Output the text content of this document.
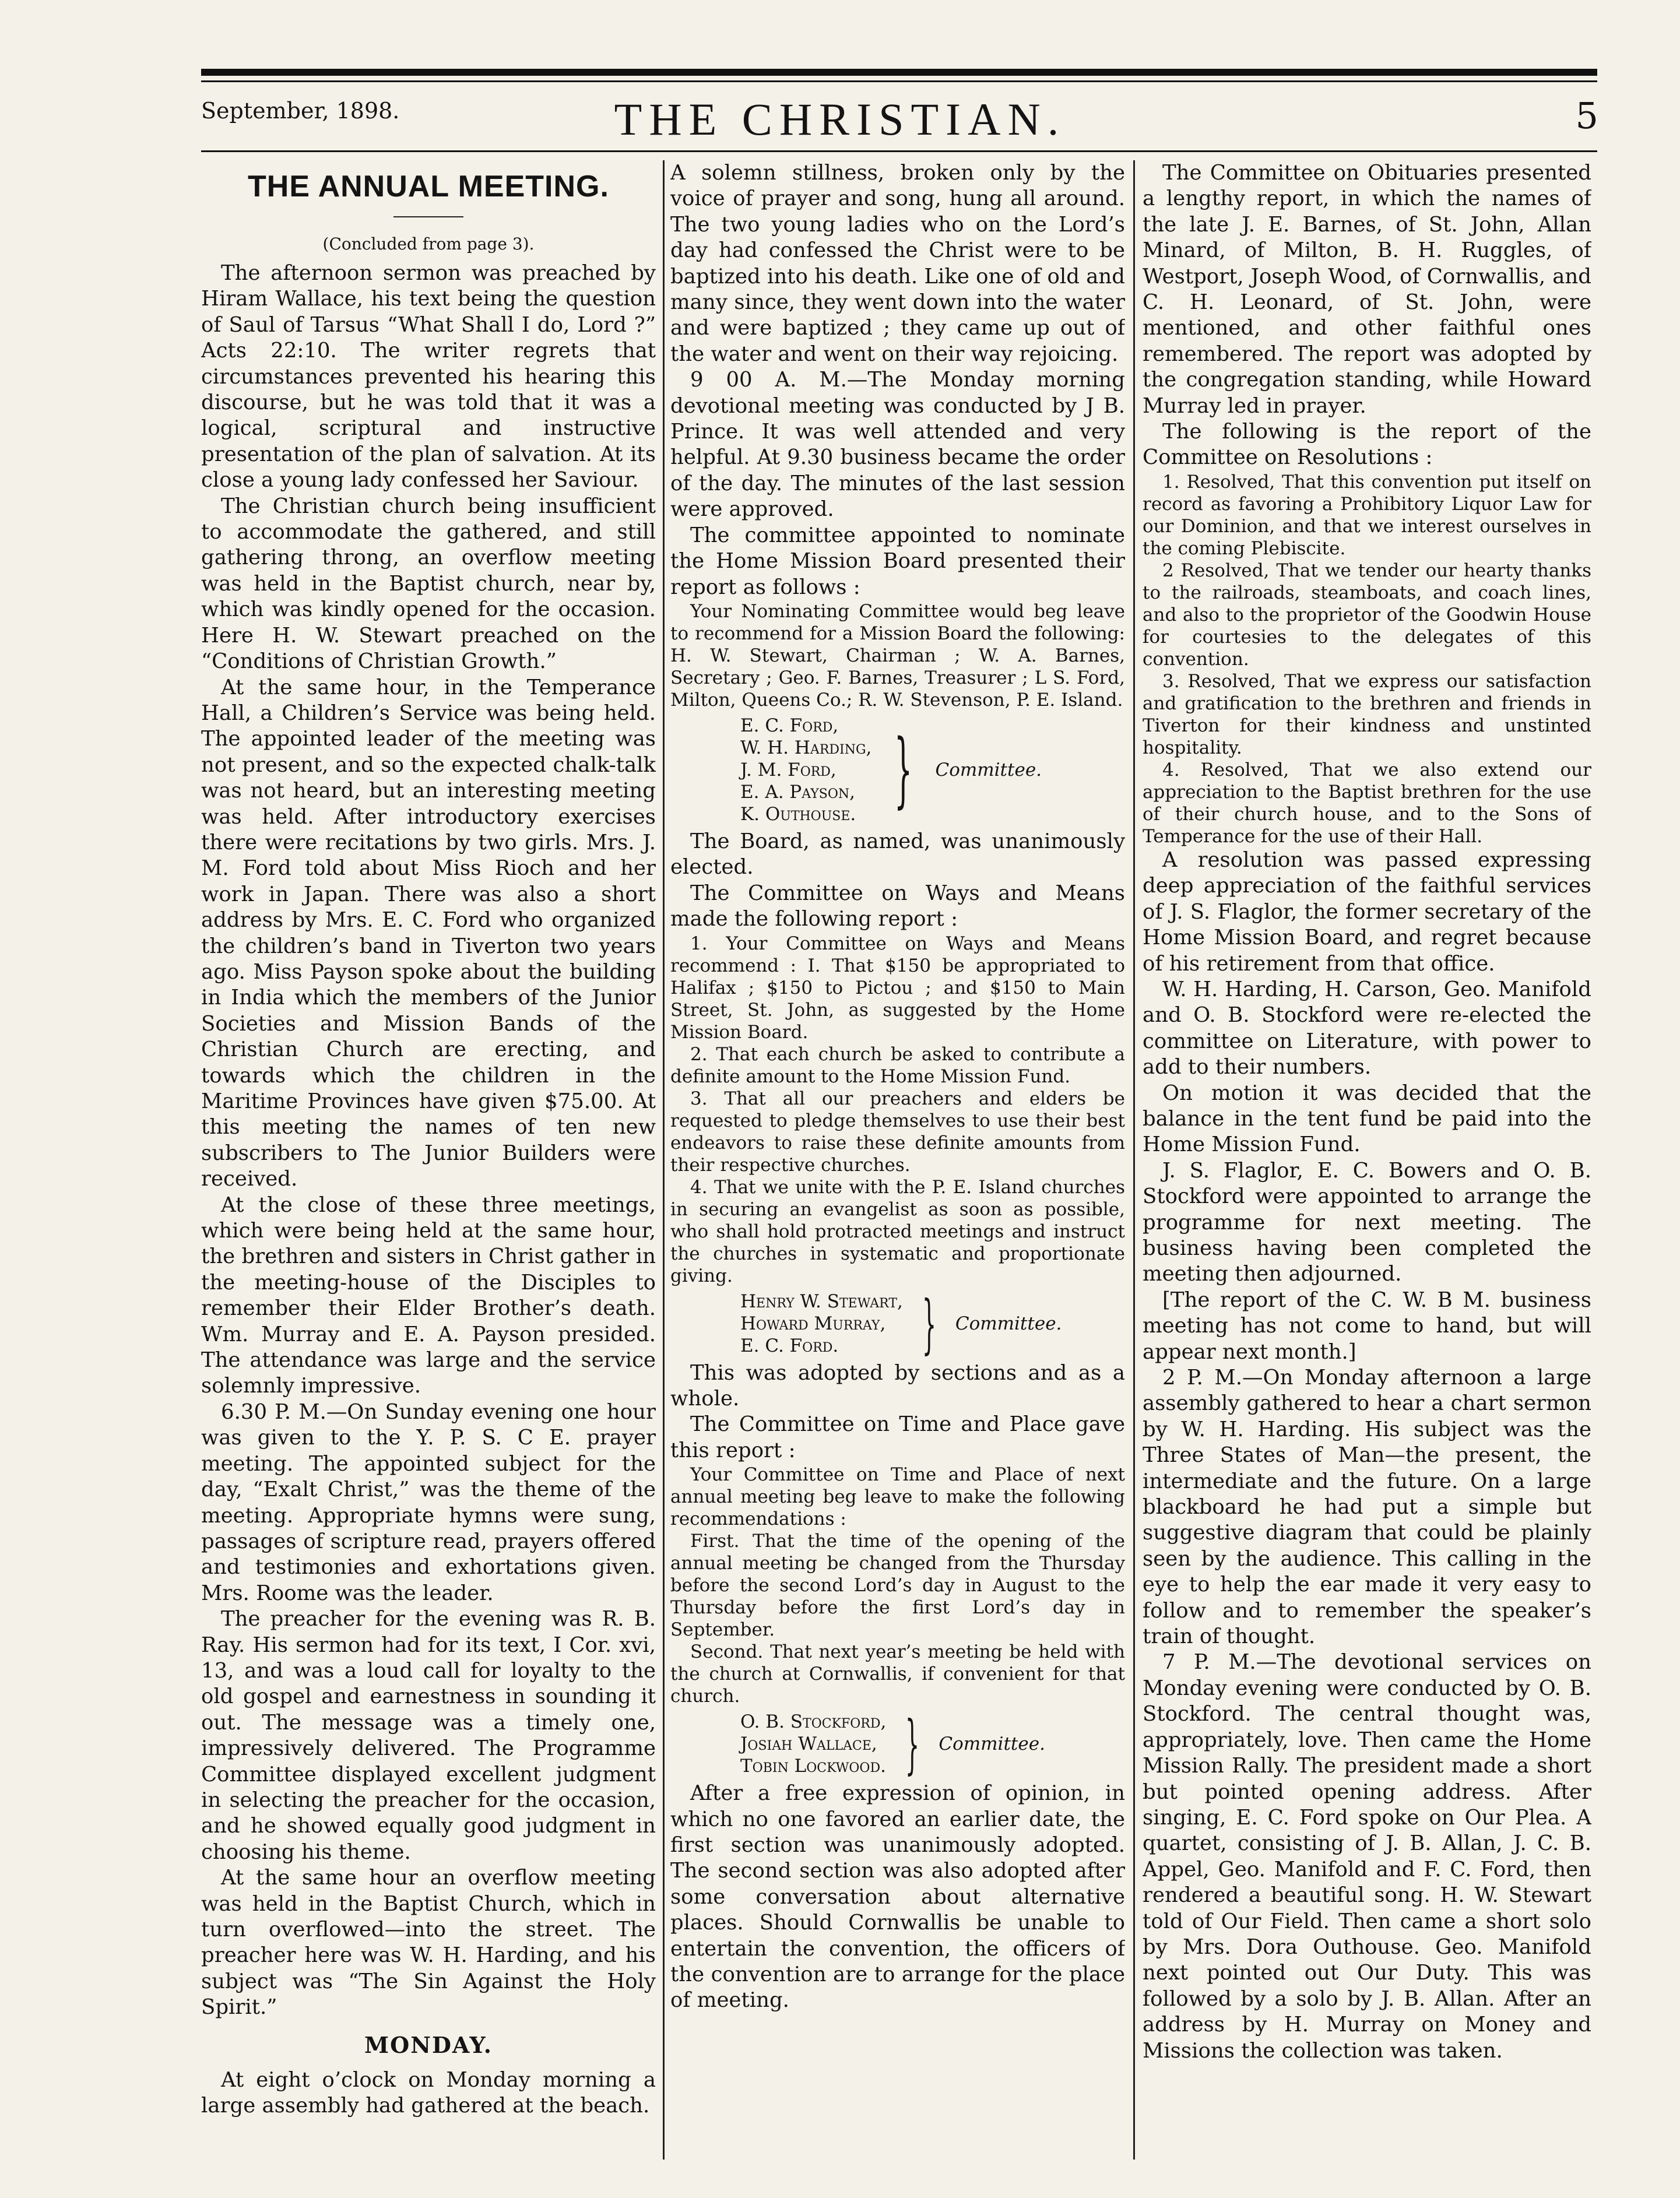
September, 1898.	THE CHRISTIAN.	5
THE ANNUAL MEETING.
(Concluded from page 3).

The afternoon sermon was preached by Hiram Wallace, his text being the question of Saul of Tarsus “What Shall I do, Lord ?” Acts 22:10. The writer regrets that circumstances prevented his hearing this discourse, but he was told that it was a logical, scriptural and instructive presentation of the plan of salvation. At its close a young lady confessed her Saviour.

The Christian church being insufficient to accommodate the gathered, and still gathering throng, an overflow meeting was held in the Baptist church, near by, which was kindly opened for the occasion. Here H. W. Stewart preached on the “Conditions of Christian Growth.”

At the same hour, in the Temperance Hall, a Children’s Service was being held. The appointed leader of the meeting was not present, and so the expected chalk-talk was not heard, but an interesting meeting was held. After introductory exercises there were recitations by two girls. Mrs. J. M. Ford told about Miss Rioch and her work in Japan. There was also a short address by Mrs. E. C. Ford who organized the children’s band in Tiverton two years ago. Miss Payson spoke about the building in India which the members of the Junior Societies and Mission Bands of the Christian Church are erecting, and towards which the children in the Maritime Provinces have given $75.00. At this meeting the names of ten new subscribers to The Junior Builders were received.

At the close of these three meetings, which were being held at the same hour, the brethren and sisters in Christ gather in the meeting-house of the Disciples to remember their Elder Brother’s death. Wm. Murray and E. A. Payson presided. The attendance was large and the service solemnly impressive.

6.30 P. M.—On Sunday evening one hour was given to the Y. P. S. C E. prayer meeting. The appointed subject for the day, “Exalt Christ,” was the theme of the meeting. Appropriate hymns were sung, passages of scripture read, prayers offered and testimonies and exhortations given. Mrs. Roome was the leader.

The preacher for the evening was R. B. Ray. His sermon had for its text, I Cor. xvi, 13, and was a loud call for loyalty to the old gospel and earnestness in sounding it out. The message was a timely one, impressively delivered. The Programme Committee displayed excellent judgment in selecting the preacher for the occasion, and he showed equally good judgment in choosing his theme.

At the same hour an overflow meeting was held in the Baptist Church, which in turn overflowed—into the street. The preacher here was W. H. Harding, and his subject was “The Sin Against the Holy Spirit.”

MONDAY.

At eight o’clock on Monday morning a large assembly had gathered at the beach.

A solemn stillness, broken only by the voice of prayer and song, hung all around. The two young ladies who on the Lord’s day had confessed the Christ were to be baptized into his death. Like one of old and many since, they went down into the water and were baptized ; they came up out of the water and went on their way rejoicing.

9 00 A. M.—The Monday morning devotional meeting was conducted by J B. Prince. It was well attended and very helpful. At 9.30 business became the order of the day. The minutes of the last session were approved.

The committee appointed to nominate the Home Mission Board presented their report as follows :

Your Nominating Committee would beg leave to recommend for a Mission Board the following: H. W. Stewart, Chairman ; W. A. Barnes, Secretary ; Geo. F. Barnes, Treasurer ; L S. Ford, Milton, Queens Co.; R. W. Stevenson, P. E. Island.

E. C. Ford,
W. H. Harding,
J. M. Ford,
E. A. Payson,
K. Outhouse. } Committee.

The Board, as named, was unanimously elected.

The Committee on Ways and Means made the following report :

1. Your Committee on Ways and Means recommend : I. That $150 be appropriated to Halifax ; $150 to Pictou ; and $150 to Main Street, St. John, as suggested by the Home Mission Board.

2. That each church be asked to contribute a definite amount to the Home Mission Fund.

3. That all our preachers and elders be requested to pledge themselves to use their best endeavors to raise these definite amounts from their respective churches.

4. That we unite with the P. E. Island churches in securing an evangelist as soon as possible, who shall hold protracted meetings and instruct the churches in systematic and proportionate giving.

Henry W. Stewart,
Howard Murray,
E. C. Ford.	} Committee.

This was adopted by sections and as a whole.

The Committee on Time and Place gave this report :

Your Committee on Time and Place of next annual meeting beg leave to make the following recommendations :

First. That the time of the opening of the annual meeting be changed from the Thursday before the second Lord’s day in August to the Thursday before the first Lord’s day in September.

Second. That next year’s meeting be held with the church at Cornwallis, if convenient for that church.

O. B. Stockford,
Josiah Wallace,
Tobin Lockwood. } Committee.

After a free expression of opinion, in which no one favored an earlier date, the first section was unanimously adopted. The second section was also adopted after some conversation about alternative places. Should Cornwallis be unable to entertain the convention, the officers of the convention are to arrange for the place of meeting.

The Committee on Obituaries presented a lengthy report, in which the names of the late J. E. Barnes, of St. John, Allan Minard, of Milton, B. H. Ruggles, of Westport, Joseph Wood, of Cornwallis, and C. H. Leonard, of St. John, were mentioned, and other faithful ones remembered. The report was adopted by the congregation standing, while Howard Murray led in prayer.

The following is the report of the Committee on Resolutions :

1. Resolved, That this convention put itself on record as favoring a Prohibitory Liquor Law for our Dominion, and that we interest ourselves in the coming Plebiscite.

2 Resolved, That we tender our hearty thanks to the railroads, steamboats, and coach lines, and also to the proprietor of the Goodwin House for courtesies to the delegates of this convention.

3. Resolved, That we express our satisfaction and gratification to the brethren and friends in Tiverton for their kindness and unstinted hospitality.

4. Resolved, That we also extend our appreciation to the Baptist brethren for the use of their church house, and to the Sons of Temperance for the use of their Hall.

A resolution was passed expressing deep appreciation of the faithful services of J. S. Flaglor, the former secretary of the Home Mission Board, and regret because of his retirement from that office.

W. H. Harding, H. Carson, Geo. Manifold and O. B. Stockford were re-elected the committee on Literature, with power to add to their numbers.

On motion it was decided that the balance in the tent fund be paid into the Home Mission Fund.

J. S. Flaglor, E. C. Bowers and O. B. Stockford were appointed to arrange the programme for next meeting. The business having been completed the meeting then adjourned.

[The report of the C. W. B M. business meeting has not come to hand, but will appear next month.]

2 P. M.—On Monday afternoon a large assembly gathered to hear a chart sermon by W. H. Harding. His subject was the Three States of Man—the present, the intermediate and the future. On a large blackboard he had put a simple but suggestive diagram that could be plainly seen by the audience. This calling in the eye to help the ear made it very easy to follow and to remember the speaker’s train of thought.

7 P. M.—The devotional services on Monday evening were conducted by O. B. Stockford. The central thought was, appropriately, love. Then came the Home Mission Rally. The president made a short but pointed opening address. After singing, E. C. Ford spoke on Our Plea. A quartet, consisting of J. B. Allan, J. C. B. Appel, Geo. Manifold and F. C. Ford, then rendered a beautiful song. H. W. Stewart told of Our Field. Then came a short solo by Mrs. Dora Outhouse. Geo. Manifold next pointed out Our Duty. This was followed by a solo by J. B. Allan. After an address by H. Murray on Money and Missions the collection was taken.
